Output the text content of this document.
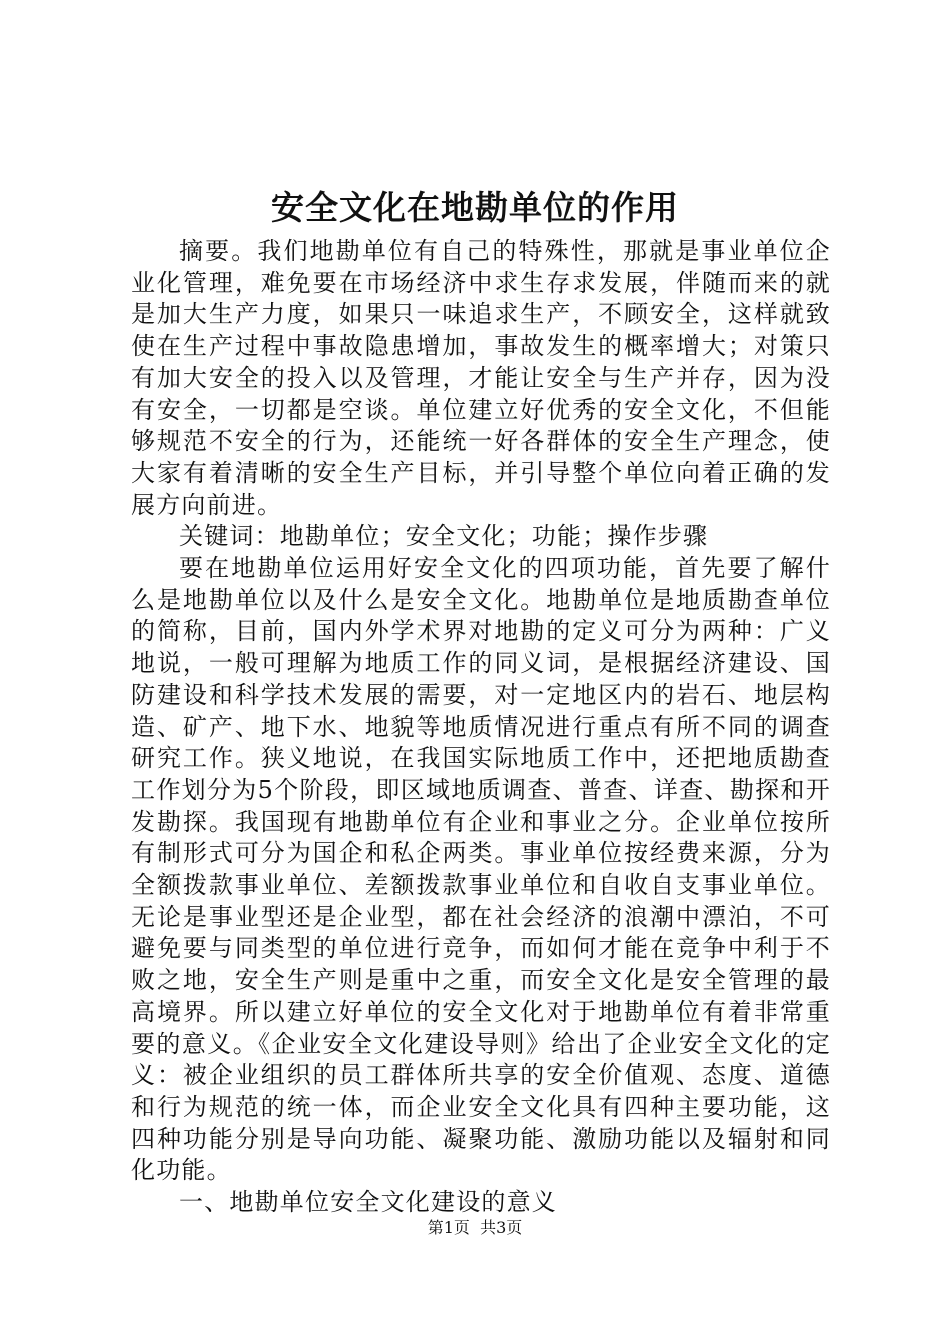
安全文化在地勘单位的作用

摘要。我们地勘单位有自己的特殊性，那就是事业单位企业化管理，难免要在市场经济中求生存求发展，伴随而来的就是加大生产力度，如果只一味追求生产，不顾安全，这样就致使在生产过程中事故隐患增加，事故发生的概率增大；对策只有加大安全的投入以及管理，才能让安全与生产并存，因为没有安全，一切都是空谈。单位建立好优秀的安全文化，不但能够规范不安全的行为，还能统一好各群体的安全生产理念，使大家有着清晰的安全生产目标，并引导整个单位向着正确的发展方向前进。

关键词：地勘单位；安全文化；功能；操作步骤

要在地勘单位运用好安全文化的四项功能，首先要了解什么是地勘单位以及什么是安全文化。地勘单位是地质勘查单位的简称，目前，国内外学术界对地勘的定义可分为两种：广义地说，一般可理解为地质工作的同义词，是根据经济建设、国防建设和科学技术发展的需要，对一定地区内的岩石、地层构造、矿产、地下水、地貌等地质情况进行重点有所不同的调查研究工作。狭义地说，在我国实际地质工作中，还把地质勘查工作划分为5个阶段，即区域地质调查、普查、详查、勘探和开发勘探。我国现有地勘单位有企业和事业之分。企业单位按所有制形式可分为国企和私企两类。事业单位按经费来源，分为全额拨款事业单位、差额拨款事业单位和自收自支事业单位。无论是事业型还是企业型，都在社会经济的浪潮中漂泊，不可避免要与同类型的单位进行竞争，而如何才能在竞争中利于不败之地，安全生产则是重中之重，而安全文化是安全管理的最高境界。所以建立好单位的安全文化对于地勘单位有着非常重要的意义。《企业安全文化建设导则》给出了企业安全文化的定义：被企业组织的员工群体所共享的安全价值观、态度、道德和行为规范的统一体，而企业安全文化具有四种主要功能，这四种功能分别是导向功能、凝聚功能、激励功能以及辐射和同化功能。

一、地勘单位安全文化建设的意义

第1页  共3页
